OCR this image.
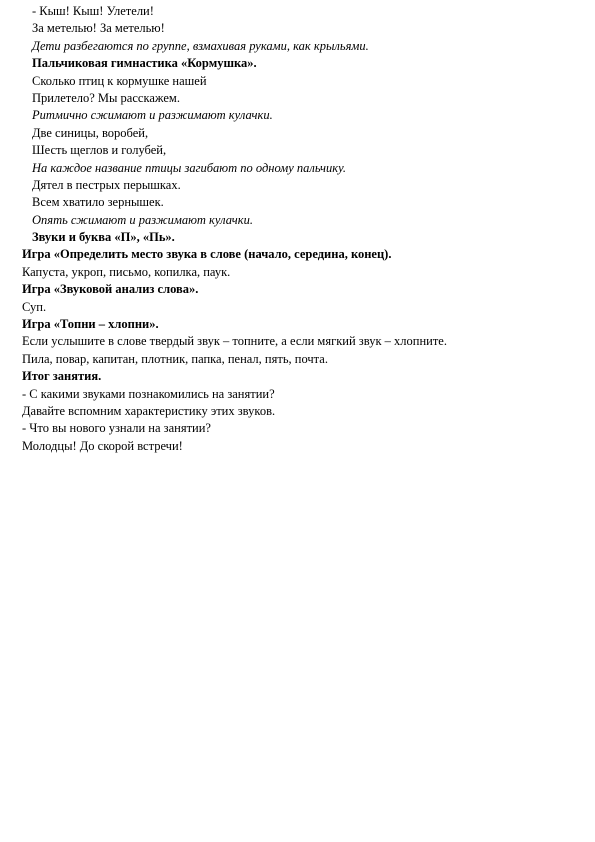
- Кыш! Кыш! Улетели!
За метелью! За метелью!
Дети разбегаются по группе, взмахивая руками, как крыльями.
Пальчиковая гимнастика «Кормушка».
Сколько птиц к кормушке нашей
Прилетело? Мы расскажем.
Ритмично сжимают и разжимают кулачки.
Две синицы, воробей,
Шесть щеглов и голубей,
На каждое название птицы загибают по одному пальчику.
Дятел в пестрых перышках.
Всем хватило зернышек.
Опять сжимают и разжимают кулачки.
Звуки и буква «П», «Пь».
Игра «Определить место звука в слове (начало, середина, конец).
Капуста, укроп, письмо, копилка, паук.
Игра «Звуковой анализ слова».
Суп.
Игра «Топни – хлопни».
Если услышите в слове твердый звук – топните, а если мягкий звук – хлопните.
Пила, повар, капитан, плотник, папка, пенал, пять, почта.
Итог занятия.
- С какими звуками познакомились на занятии?
Давайте вспомним характеристику этих звуков.
- Что вы нового узнали на занятии?
Молодцы! До скорой встречи!
